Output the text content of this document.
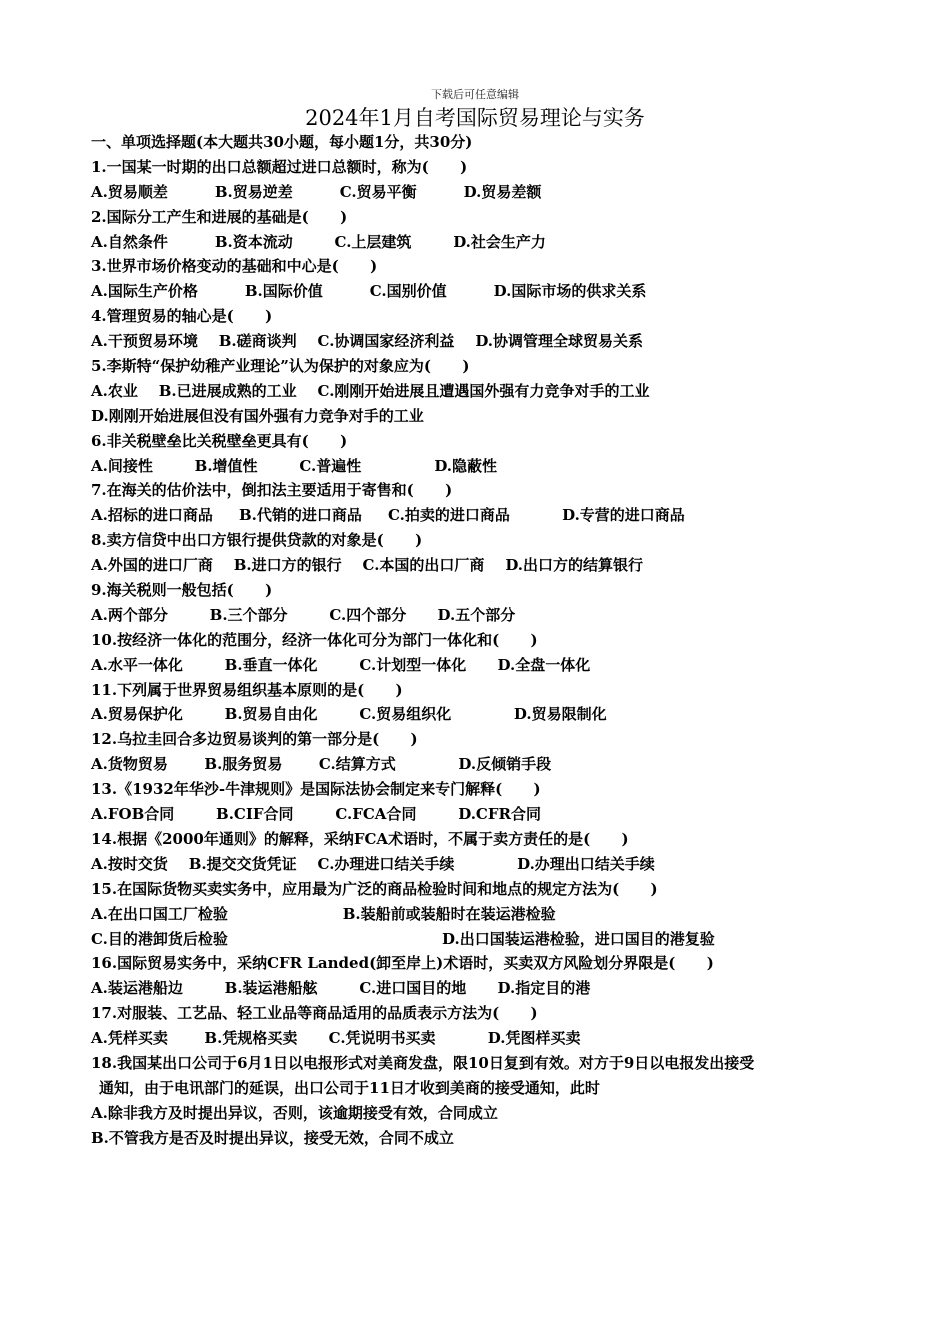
下载后可任意编辑
2024年1月自考国际贸易理论与实务
一、单项选择题(本大题共30小题，每小题1分，共30分)
1.一国某一时期的出口总额超过进口总额时，称为(      )
A.贸易顺差         B.贸易逆差         C.贸易平衡         D.贸易差额
2.国际分工产生和进展的基础是(      )
A.自然条件         B.资本流动        C.上层建筑        D.社会生产力
3.世界市场价格变动的基础和中心是(      )
A.国际生产价格         B.国际价值         C.国别价值         D.国际市场的供求关系
4.管理贸易的轴心是(      )
A.干预贸易环境    B.磋商谈判    C.协调国家经济利益    D.协调管理全球贸易关系
5.李斯特“保护幼稚产业理论”认为保护的对象应为(      )
A.农业    B.已进展成熟的工业    C.刚刚开始进展且遭遇国外强有力竞争对手的工业
D.刚刚开始进展但没有国外强有力竞争对手的工业
6.非关税壁垒比关税壁垒更具有(      )
A.间接性        B.增值性        C.普遍性              D.隐蔽性
7.在海关的估价法中，倒扣法主要适用于寄售和(      )
A.招标的进口商品     B.代销的进口商品     C.拍卖的进口商品          D.专营的进口商品
8.卖方信贷中出口方银行提供贷款的对象是(      )
A.外国的进口厂商    B.进口方的银行    C.本国的出口厂商    D.出口方的结算银行
9.海关税则一般包括(      )
A.两个部分        B.三个部分        C.四个部分      D.五个部分
10.按经济一体化的范围分，经济一体化可分为部门一体化和(      )
A.水平一体化        B.垂直一体化        C.计划型一体化      D.全盘一体化
11.下列属于世界贸易组织基本原则的是(      )
A.贸易保护化        B.贸易自由化        C.贸易组织化            D.贸易限制化
12.乌拉圭回合多边贸易谈判的第一部分是(      )
A.货物贸易       B.服务贸易       C.结算方式            D.反倾销手段
13.《1932年华沙-牛津规则》是国际法协会制定来专门解释(      )
A.FOB合同        B.CIF合同        C.FCA合同        D.CFR合同
14.根据《2000年通则》的解释，采纳FCA术语时，不属于卖方责任的是(      )
A.按时交货    B.提交交货凭证    C.办理进口结关手续            D.办理出口结关手续
15.在国际货物买卖实务中，应用最为广泛的商品检验时间和地点的规定方法为(      )
A.在出口国工厂检验                      B.装船前或装船时在装运港检验
C.目的港卸货后检验                                         D.出口国装运港检验，进口国目的港复验
16.国际贸易实务中，采纳CFR Landed(卸至岸上)术语时，买卖双方风险划分界限是(      )
A.装运港船边        B.装运港船舷        C.进口国目的地      D.指定目的港
17.对服装、工艺品、轻工业品等商品适用的品质表示方法为(      )
A.凭样买卖       B.凭规格买卖      C.凭说明书买卖          D.凭图样买卖
18.我国某出口公司于6月1日以电报形式对美商发盘，限10日复到有效。对方于9日以电报发出接受
通知，由于电讯部门的延误，出口公司于11日才收到美商的接受通知，此时
A.除非我方及时提出异议，否则，该逾期接受有效，合同成立
B.不管我方是否及时提出异议，接受无效，合同不成立
